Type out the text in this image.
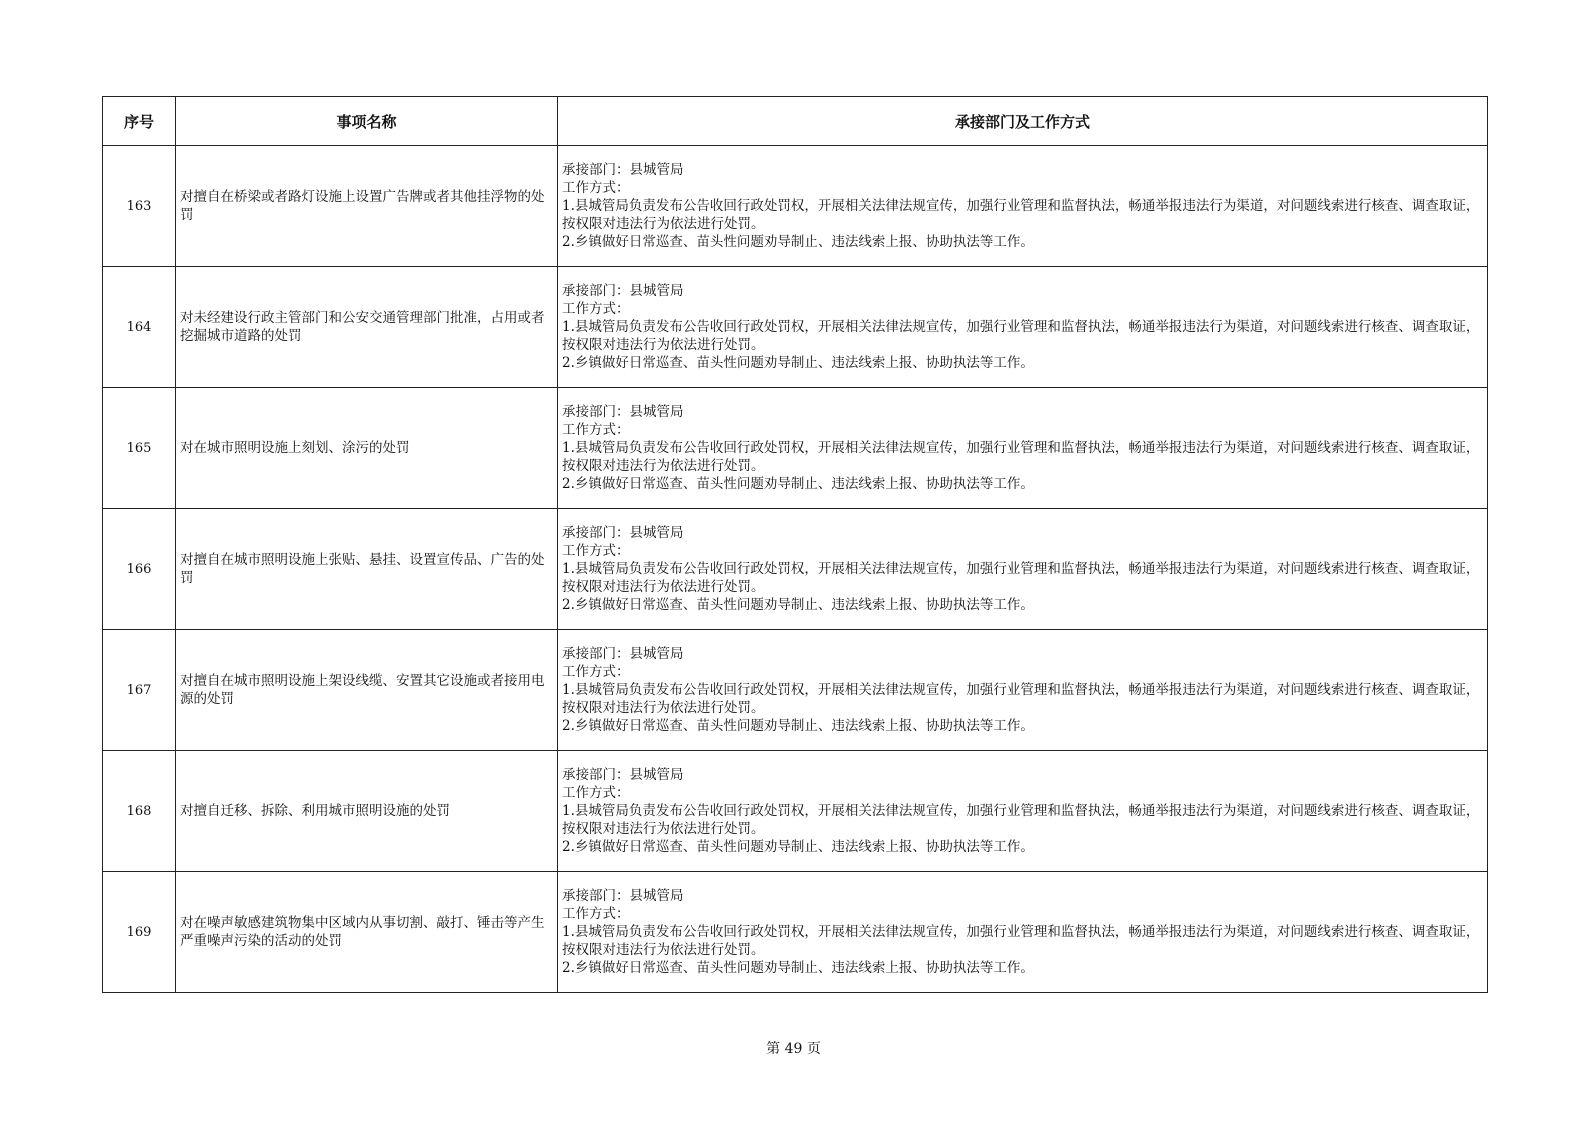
序号	事项名称	承接部门及工作方式
163	对擅自在桥梁或者路灯设施上设置广告牌或者其他挂浮物的处罚	承接部门：县城管局
工作方式：
1.县城管局负责发布公告收回行政处罚权，开展相关法律法规宣传，加强行业管理和监督执法，畅通举报违法行为渠道，对问题线索进行核查、调查取证，按权限对违法行为依法进行处罚。
2.乡镇做好日常巡查、苗头性问题劝导制止、违法线索上报、协助执法等工作。

164	对未经建设行政主管部门和公安交通管理部门批准，占用或者挖掘城市道路的处罚	承接部门：县城管局
工作方式：
1.县城管局负责发布公告收回行政处罚权，开展相关法律法规宣传，加强行业管理和监督执法，畅通举报违法行为渠道，对问题线索进行核查、调查取证，按权限对违法行为依法进行处罚。
2.乡镇做好日常巡查、苗头性问题劝导制止、违法线索上报、协助执法等工作。

165	对在城市照明设施上刻划、涂污的处罚	承接部门：县城管局
工作方式：
1.县城管局负责发布公告收回行政处罚权，开展相关法律法规宣传，加强行业管理和监督执法，畅通举报违法行为渠道，对问题线索进行核查、调查取证，按权限对违法行为依法进行处罚。
2.乡镇做好日常巡查、苗头性问题劝导制止、违法线索上报、协助执法等工作。

166	对擅自在城市照明设施上张贴、悬挂、设置宣传品、广告的处罚	承接部门：县城管局
工作方式：
1.县城管局负责发布公告收回行政处罚权，开展相关法律法规宣传，加强行业管理和监督执法，畅通举报违法行为渠道，对问题线索进行核查、调查取证，按权限对违法行为依法进行处罚。
2.乡镇做好日常巡查、苗头性问题劝导制止、违法线索上报、协助执法等工作。

167	对擅自在城市照明设施上架设线缆、安置其它设施或者接用电源的处罚	承接部门：县城管局
工作方式：
1.县城管局负责发布公告收回行政处罚权，开展相关法律法规宣传，加强行业管理和监督执法，畅通举报违法行为渠道，对问题线索进行核查、调查取证，按权限对违法行为依法进行处罚。
2.乡镇做好日常巡查、苗头性问题劝导制止、违法线索上报、协助执法等工作。

168	对擅自迁移、拆除、利用城市照明设施的处罚	承接部门：县城管局
工作方式：
1.县城管局负责发布公告收回行政处罚权，开展相关法律法规宣传，加强行业管理和监督执法，畅通举报违法行为渠道，对问题线索进行核查、调查取证，按权限对违法行为依法进行处罚。
2.乡镇做好日常巡查、苗头性问题劝导制止、违法线索上报、协助执法等工作。

169	对在噪声敏感建筑物集中区域内从事切割、敲打、锤击等产生严重噪声污染的活动的处罚	承接部门：县城管局
工作方式：
1.县城管局负责发布公告收回行政处罚权，开展相关法律法规宣传，加强行业管理和监督执法，畅通举报违法行为渠道，对问题线索进行核查、调查取证，按权限对违法行为依法进行处罚。
2.乡镇做好日常巡查、苗头性问题劝导制止、违法线索上报、协助执法等工作。
第 49 页
